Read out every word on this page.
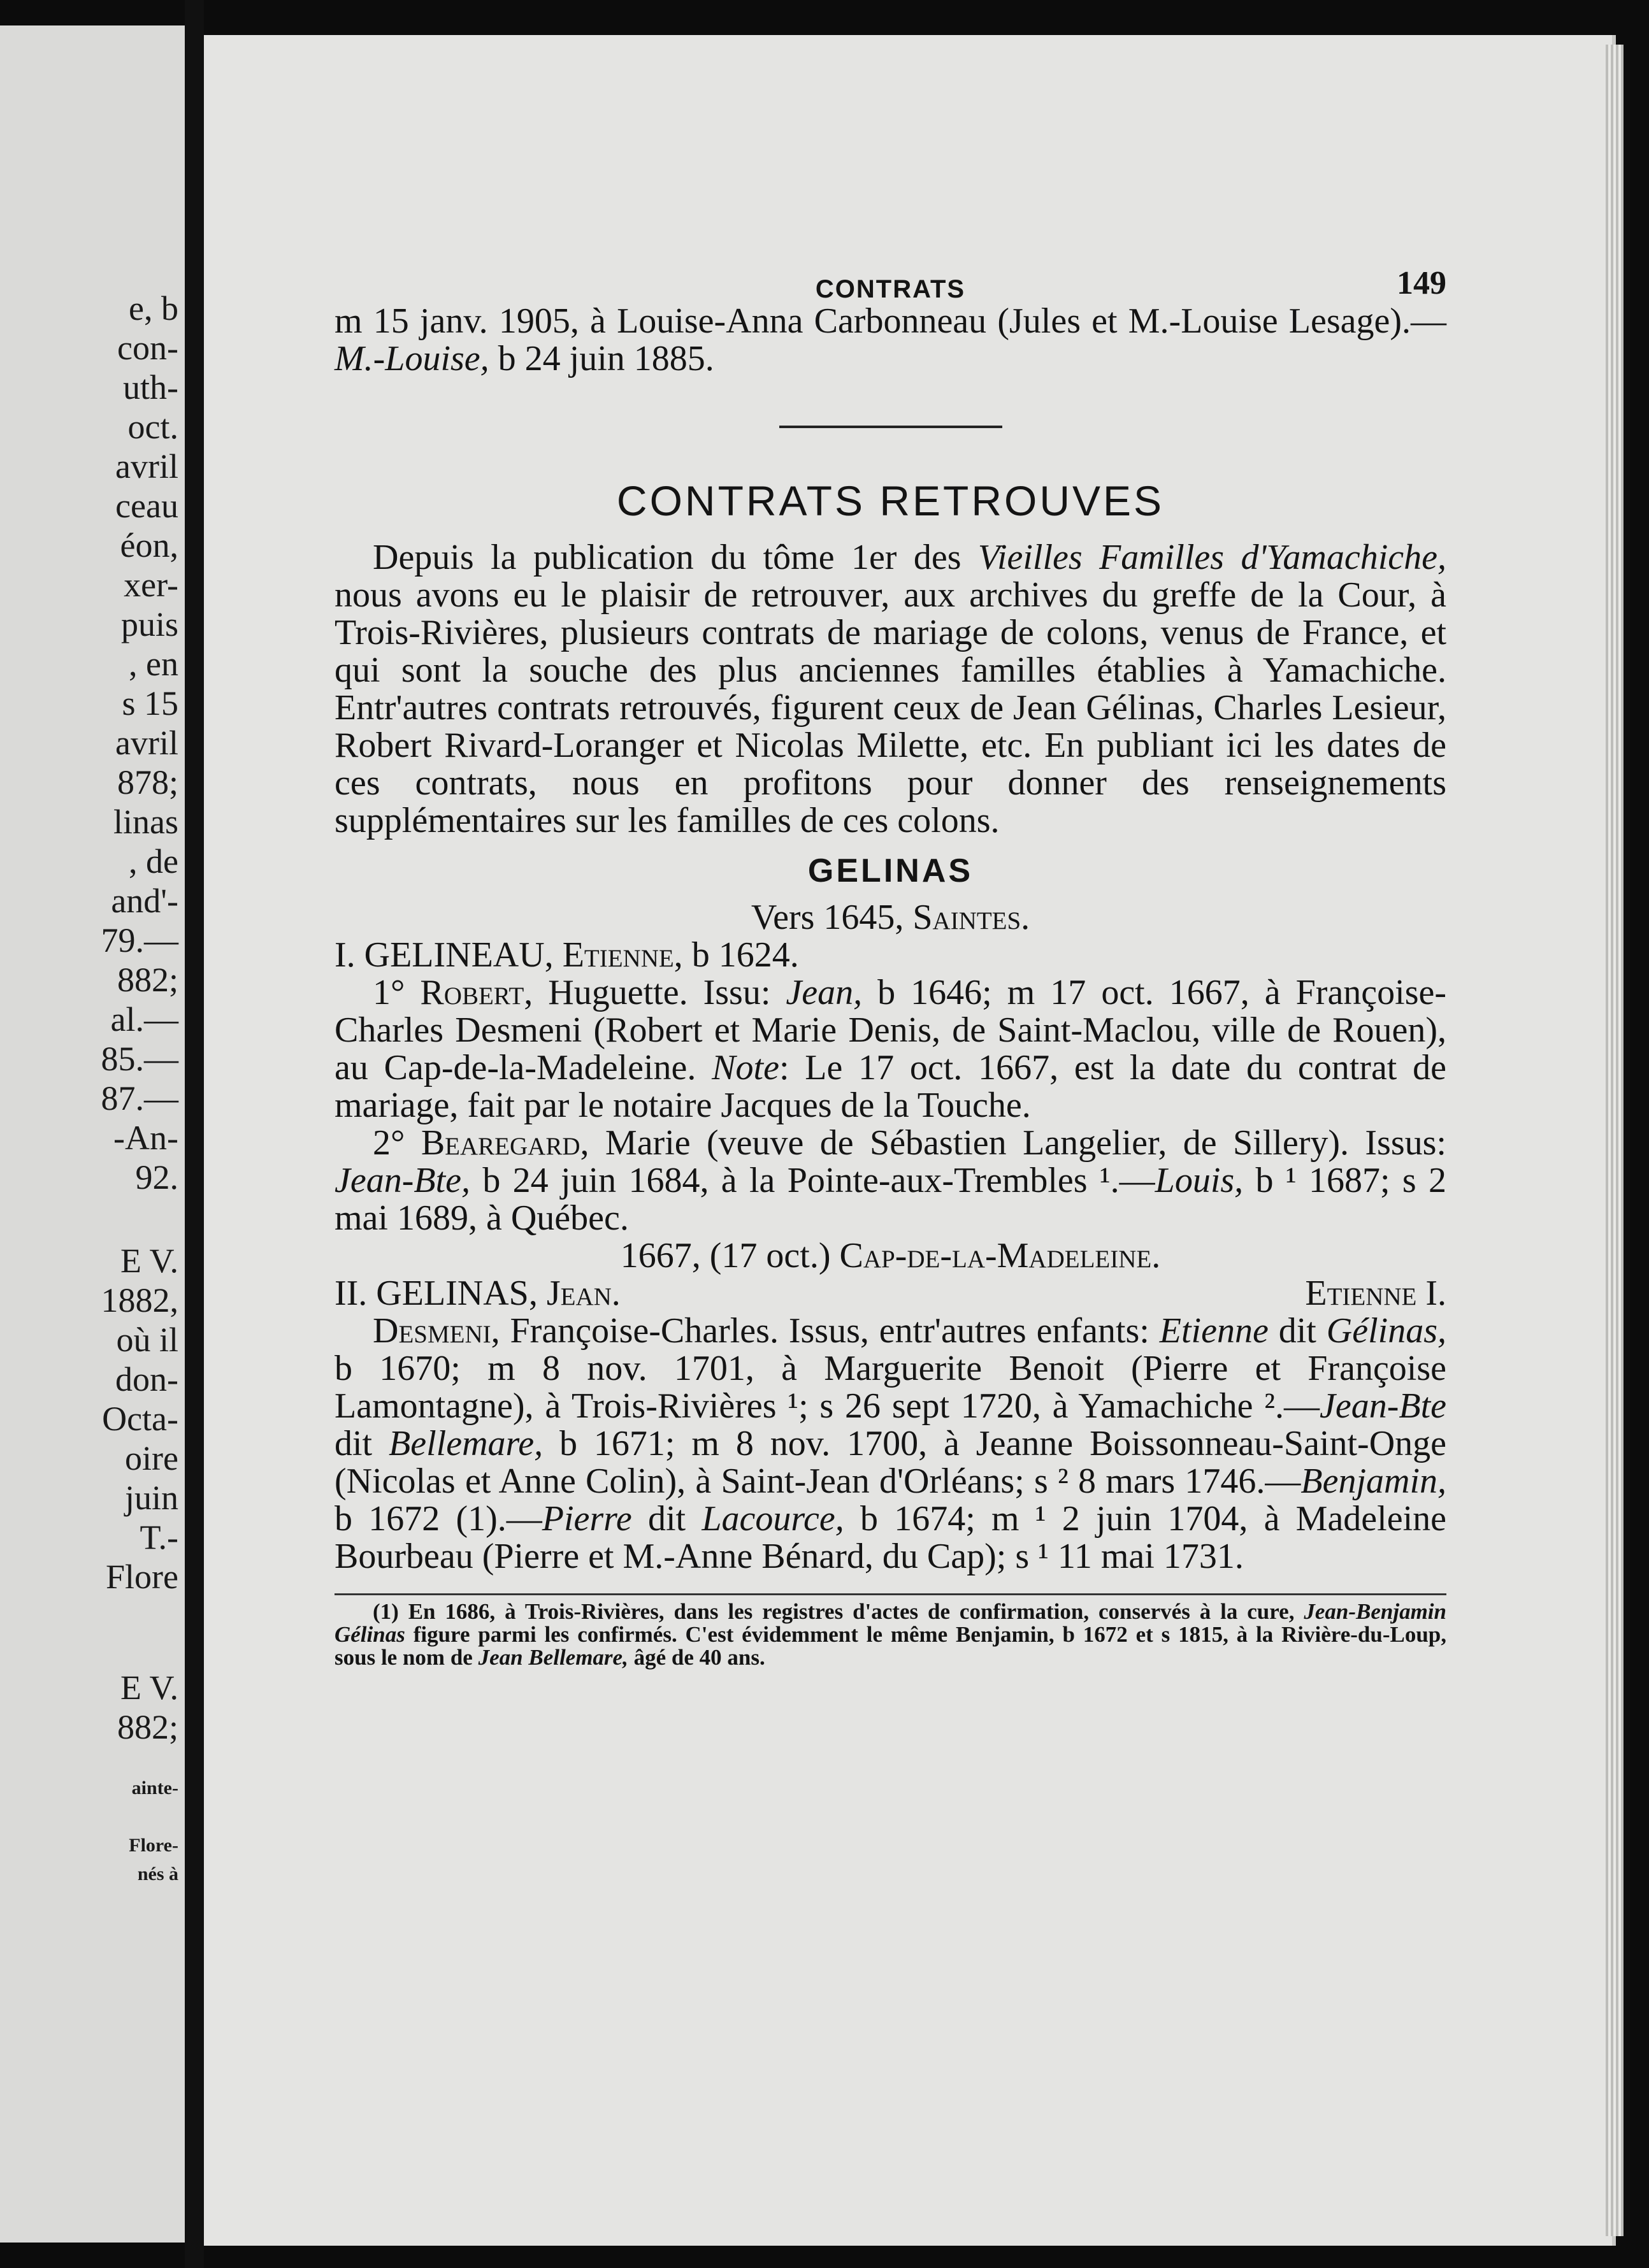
e, b
con-
uth-
oct.
avril
ceau
éon,
xer-
puis
, en
s 15
avril
878;
linas
, de
and'-
79.—
882;
al.—
85.—
87.—
-An-
92.
E V.
1882,
où il
don-
Octa-
oire
juin
T.-
Flore
E V.
882;
ainte-
Flore-
nés à
CONTRATS	149

m 15 janv. 1905, à Louise-Anna Carbonneau (Jules et M.-Louise Lesage).—M.-Louise, b 24 juin 1885.

CONTRATS RETROUVES

Depuis la publication du tôme 1er des Vieilles Familles d'Yamachiche, nous avons eu le plaisir de retrouver, aux archives du greffe de la Cour, à Trois-Rivières, plusieurs contrats de mariage de colons, venus de France, et qui sont la souche des plus anciennes familles établies à Yamachiche. Entr'autres contrats retrouvés, figurent ceux de Jean Gélinas, Charles Lesieur, Robert Rivard-Loranger et Nicolas Milette, etc. En publiant ici les dates de ces contrats, nous en profitons pour donner des renseignements supplémentaires sur les familles de ces colons.

GELINAS

Vers 1645, Saintes.

I. GELINEAU, Etienne, b 1624.

1° Robert, Huguette. Issu: Jean, b 1646; m 17 oct. 1667, à Françoise-Charles Desmeni (Robert et Marie Denis, de Saint-Maclou, ville de Rouen), au Cap-de-la-Madeleine. Note: Le 17 oct. 1667, est la date du contrat de mariage, fait par le notaire Jacques de la Touche.

2° Bearegard, Marie (veuve de Sébastien Langelier, de Sillery). Issus: Jean-Bte, b 24 juin 1684, à la Pointe-aux-Trembles ¹.—Louis, b ¹ 1687; s 2 mai 1689, à Québec.

1667, (17 oct.) Cap-de-la-Madeleine.

II. GELINAS, Jean.	Etienne I.

Desmeni, Françoise-Charles. Issus, entr'autres enfants: Etienne dit Gélinas, b 1670; m 8 nov. 1701, à Marguerite Benoit (Pierre et Françoise Lamontagne), à Trois-Rivières ¹; s 26 sept 1720, à Yamachiche ².—Jean-Bte dit Bellemare, b 1671; m 8 nov. 1700, à Jeanne Boissonneau-Saint-Onge (Nicolas et Anne Colin), à Saint-Jean d'Orléans; s ² 8 mars 1746.—Benjamin, b 1672 (1).—Pierre dit Lacource, b 1674; m ¹ 2 juin 1704, à Madeleine Bourbeau (Pierre et M.-Anne Bénard, du Cap); s ¹ 11 mai 1731.

(1) En 1686, à Trois-Rivières, dans les registres d'actes de confirmation, conservés à la cure, Jean-Benjamin Gélinas figure parmi les confirmés. C'est évidemment le même Benjamin, b 1672 et s 1815, à la Rivière-du-Loup, sous le nom de Jean Bellemare, âgé de 40 ans.
